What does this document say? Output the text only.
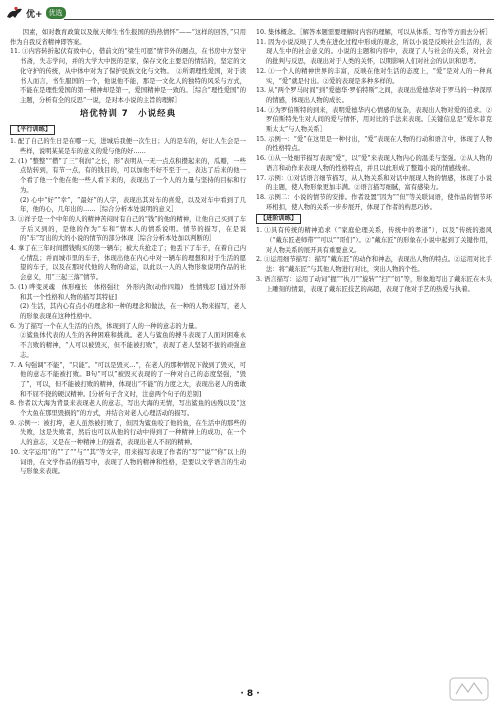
优+ 优选

　　因素，如对教育政策以及航天师生书生报国的热热情怀”——“这样的回答，”只用作为自我反省精神即答案。

11. ①内容转折起伏有致中心，借前文的“梁生可愿”情节外的题点，在书房中方坚守书斋，失志学问，并的大学大中医的是家，保存文化主要是的情结的，坚定的文化守护的传统，从中体中对为了保护民族文化与文物。　②所谓理性爱国，对于读书人而言，书生服国的一个，他说他不能，那是一文化人的独特的风采与方式，不能在是理性爱国的第一精神却是第一，爱国精神是一致的。［综合“理性爱国”的主题，分析有全的反思”一说，是对本小说的主旨的理解］

培优特训 7　小说经典
【平行训练】

1. 配了自己的生日是在哪一天，进城后我便一次生日；人的是车的，好让人生会是一些样，说明某某是车的意义的爱与他的好……

2. (1) “整整”“攒”了三“利润”之长，形“表明从一无一点点积攒起来的，瓜瓣，一些点钻转到，有节一点，有的钱目的，可以加他不好不至于一，表达了后来的他一个看了他一个他在他一些人看下来的，表现出了一个人的力量与坚持的目标和行为。

(2) 心中“好”“幸”，“最好”的人字，表现出其对车的喜爱，以及对车中看到了几年，他的心，几年出的……［综合分析本处说明的意义］

3. ①祥子是一个中年的人的精神苦闷时有自己的“钱”的他的精神，让他自己买到了车子后又到的，是他的作为“车和”情本人的情系说明。情节的描写，在是说的“车”写出的大的小说的情节的部分体现［综合分析本处加以判断的］

4. 拿了在三年时间攒钱购买的第一辆车；被大兵抢走了；他丢下了车子，在着自己内心情乱；并而城市里的车子，体现出他在内心中对一辆车的理想和对于生活的愿望的车子，以及在那时代他的人物的命运，以此以一人的人物形象说明作品的社会意义，用“三起三落”情节。

5. (1) 哗变灵魂　体形瘦长　体格强壮　外形内敛(动作四篇)　性情残忍 [通过外形和其一个性格和人物的描写其特征]

(2) 生活，其内心有点小的理念和一种的理念和做法，在一种的人物来描写，老人的形象表现在这种性格中。

6. 为了描写一个在人生活的自然，体现到了人的一种的意志的力量。

②鲨鱼体代表的人生的各种困难和挑战。老人与鲨鱼的搏斗表现了人面对困难永不言败的精神，“人可以被毁灭，但不能被打败”，表现了老人坚韧不拔的顽强意志。

7. A 句强调“不能”，“只能”。“可以是毁灭…”，在老人的那种情况下做到了毁灭，可他的意志不能被打败。B句“可以”被毁灭表现的了一种对自己的态度坚强，“毁了”，可以，但不能被打败的精神，体现出“不能”的力度之大，表现出老人的勇敢和不屈不挠的硬汉精神。[分析句子含义时，注意两个句子的差别]

8. 作者以大海为背景来表现老人的意志，写出大海的无情，写出鲨鱼的凶残以及“这个大鱼在那里毁损的”的方式，并结合对老人心理活动的描写。

9. 示例一：被打垮，老人虽然被打败了，但因为鲨鱼咬了他的鱼，在生活中的那些的失败，这是失败者，然后也可以从他的行动中得到了一种精神上的成功，在一个人的意志，又是在一种精神上的强者，表现出老人不屈的精神。

10. 文字运用“的”“了”“与”“其”等文字，用来描写表现了作者的“写”“说”“你”以上的词语，在文学作品的描写中，表现了人物的精神和性格，是要以文学语言的生动与形象来表现。

10. 集体概念。［解答本题需要理解时内容的理解，可以从体系、写作等方面去分析］

11. 因为小说反映了人类在进化过程中形成的观念，所以小说是反映社会生活的，表现人生中的社会意义的。小说的主题和内容中，表现了人与社会的关系，对社会的批判与反思，表现出对于人类的关怀，以期影响人们对社会的认识和思考。

12. ①一个人的精神世界的丰富，反映在他对生活的态度上，“爱”是对人的一种真实，“爱”就是付出。②爱的表现是多种多样的。

13. 从“两个罗马时间”到“爱德华·罗伯特斯”之间，表现出爱德华对于罗马的一种深厚的情感，体现出人物的成长。

14. ①为罗伯斯特的到来，表明爱德华内心情感的复杂，表现出人物对爱的追求。②罗伯斯特先生对人间的爱与情怀，用对比的手法来表现。［关键信息是“爱尔菲克斯太太”与人物关系］

15. 示例一：“爱”在这里是一种付出，“爱”表现在人物的行动和语言中，体现了人物的性格特点。

16. ①从一处细节描写表现“爱”，以“爱”来表现人物内心的温柔与坚强。②从人物的语言和动作来表现人物的性格特点，并且以此形成了整篇小说的情感线索。

17. 示例：①对话语言细节描写，从人物关系和对话中展现人物的情感，体现了小说的主题，使人物形象更加丰满。②语言描写细腻，富有感染力。

18. 示例二：小说的情节的安排。作者设置“因为”“但”等关联词语，使作品的情节环环相扣，使人物的关系一步步展开，体现了作者的构思巧妙。

【进阶训练】

1. ①具有传统的精神追求（“家庭伦理关系，传统中的孝道”），以及“传统的遗风（“戴东匠老师带”“可以”“哥们”）。②“戴东匠”的形象在小说中起到了关键作用，对人物关系的展开具有重要意义。

2. ①运用细节描写：描写“戴东匠”的动作和神态，表现出人物的特点。②运用对比手法：将“戴东匠”与其他人物进行对比，突出人物的个性。

3. 语言描写：运用了动词“握”“执刀”“旋转”“扫”“切”等，形象地写出了戴东匠在木头上雕刻的情景，表现了戴东匠技艺的高超，表现了他对手艺的热爱与执着。

· 8 ·
